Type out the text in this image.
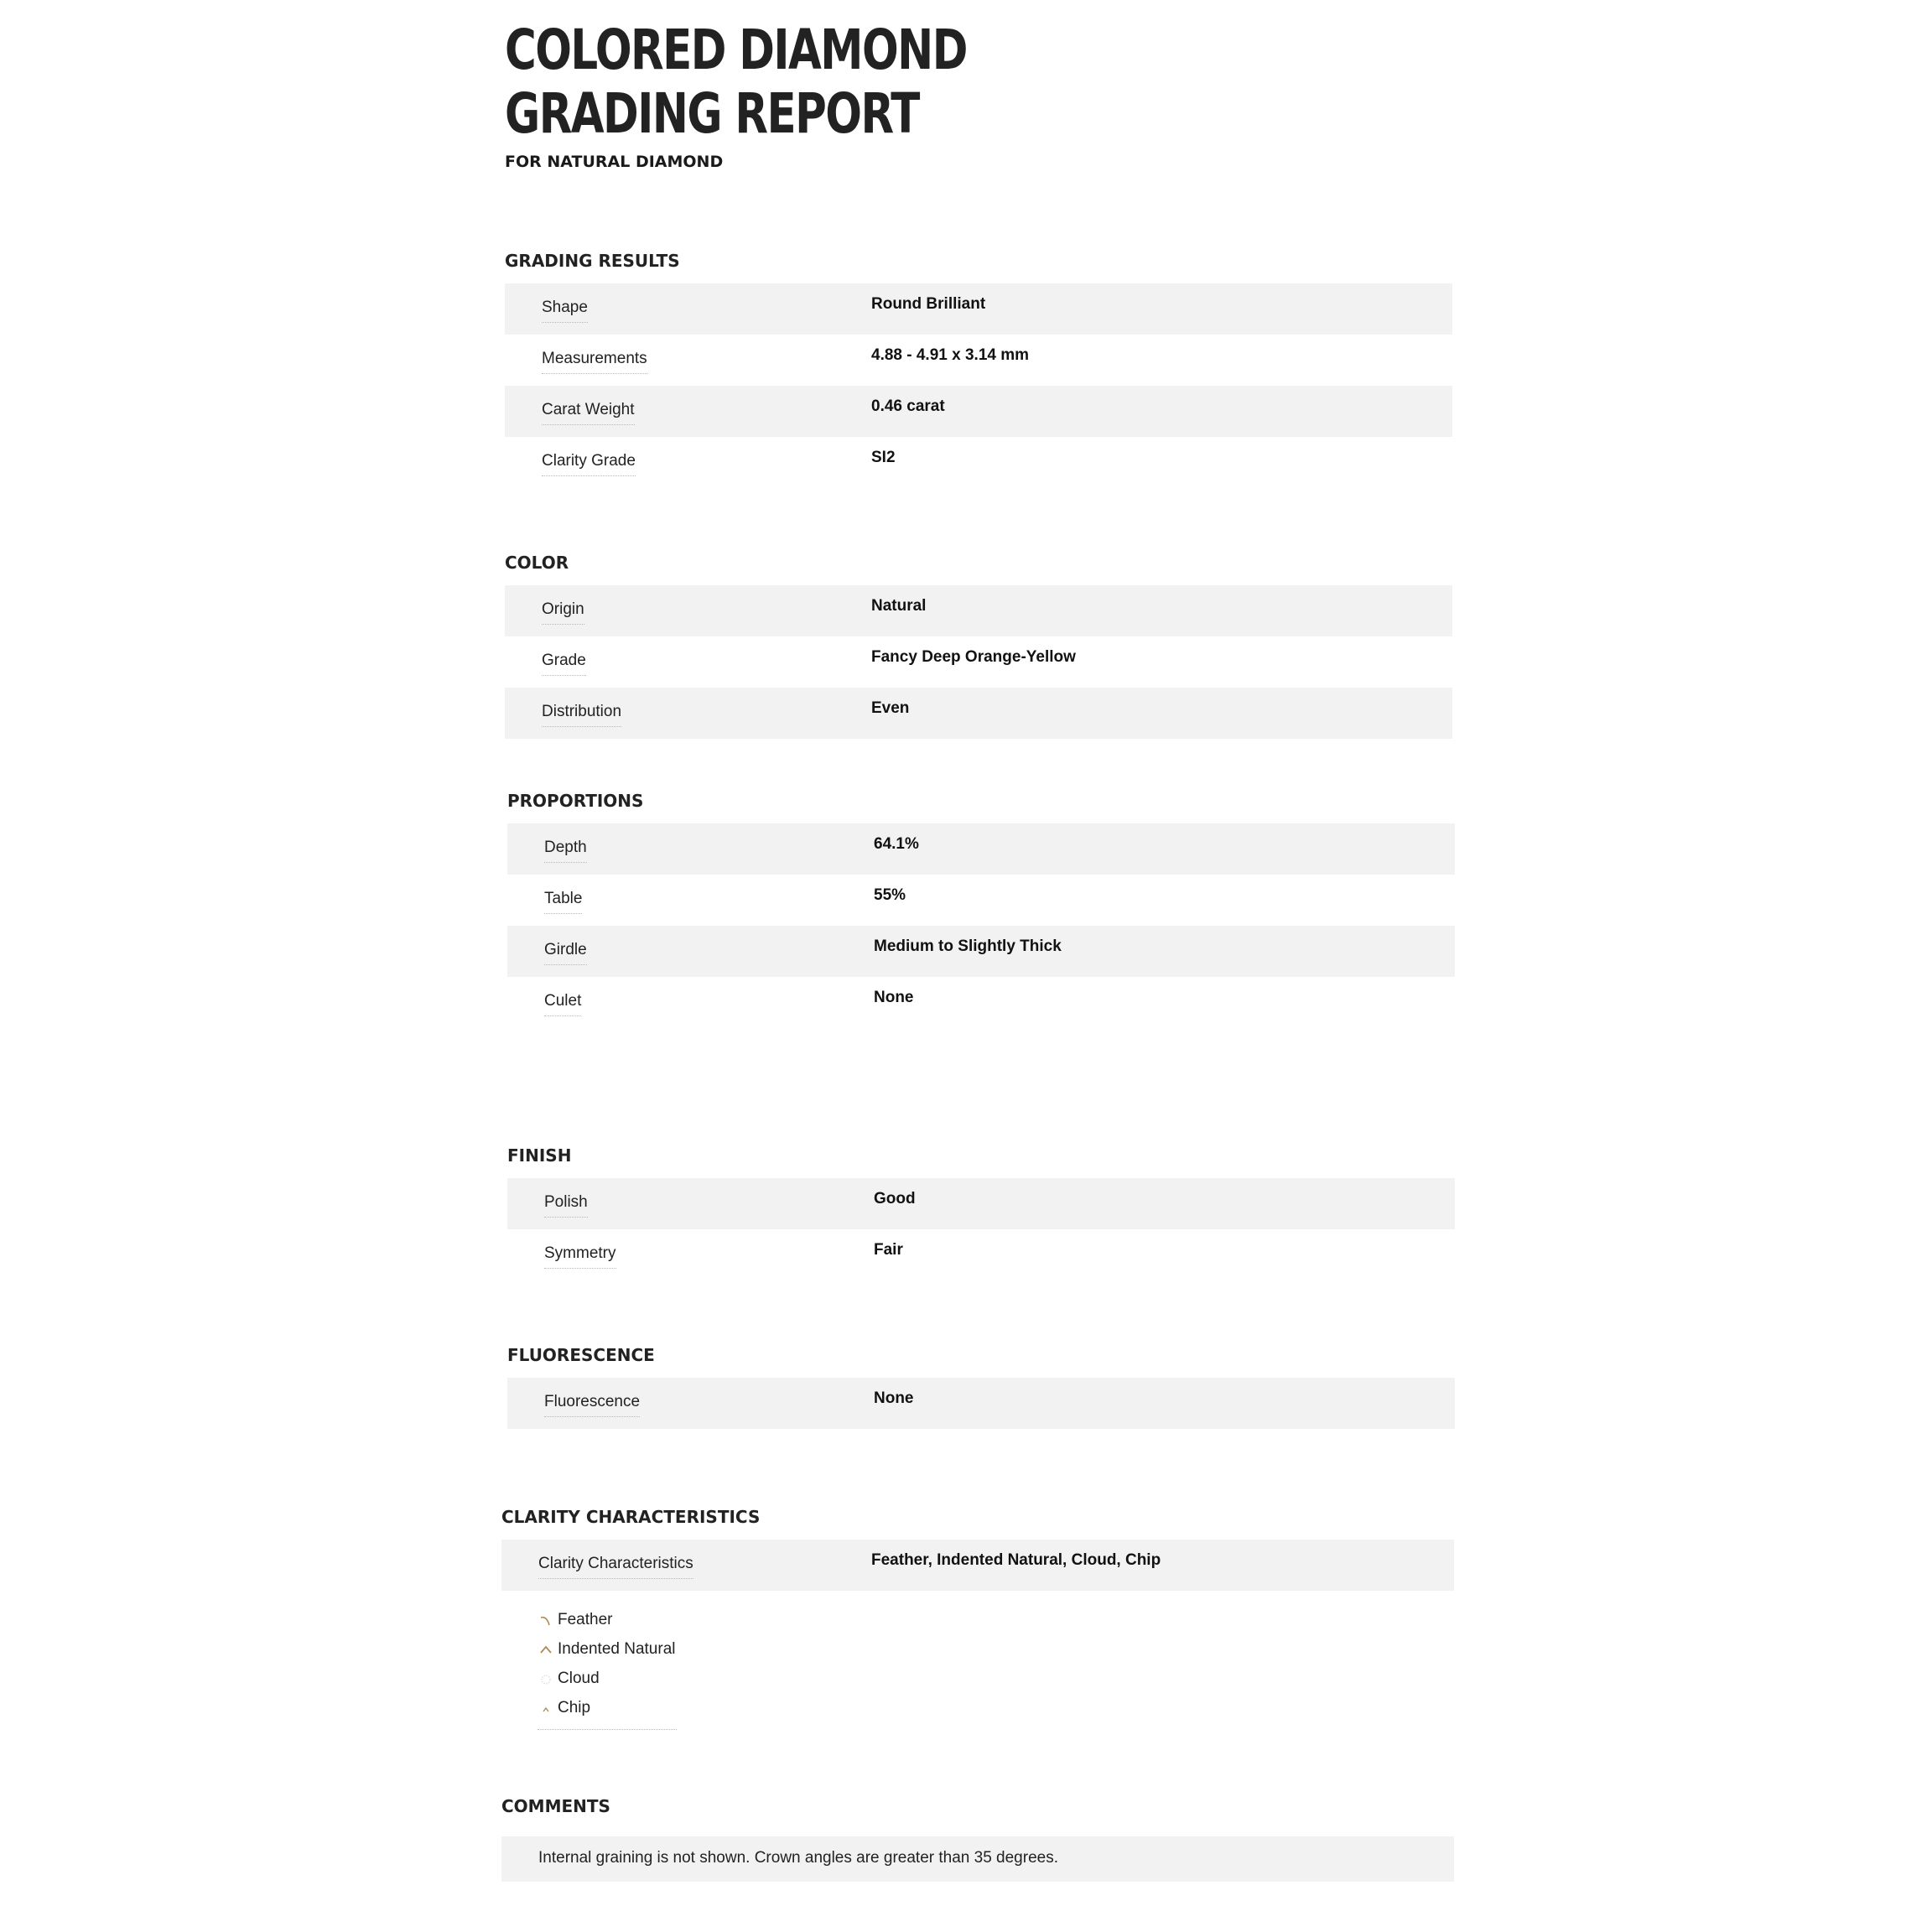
COLORED DIAMOND GRADING REPORT
FOR NATURAL DIAMOND
GRADING RESULTS
Shape	Round Brilliant
Measurements	4.88 - 4.91 x 3.14 mm
Carat Weight	0.46 carat
Clarity Grade	SI2
COLOR
Origin	Natural
Grade	Fancy Deep Orange-Yellow
Distribution	Even
PROPORTIONS
Depth	64.1%
Table	55%
Girdle	Medium to Slightly Thick
Culet	None
FINISH
Polish	Good
Symmetry	Fair
FLUORESCENCE
Fluorescence	None
CLARITY CHARACTERISTICS
Clarity Characteristics	Feather, Indented Natural, Cloud, Chip
Feather
Indented Natural
Cloud
Chip
COMMENTS
Internal graining is not shown. Crown angles are greater than 35 degrees.
